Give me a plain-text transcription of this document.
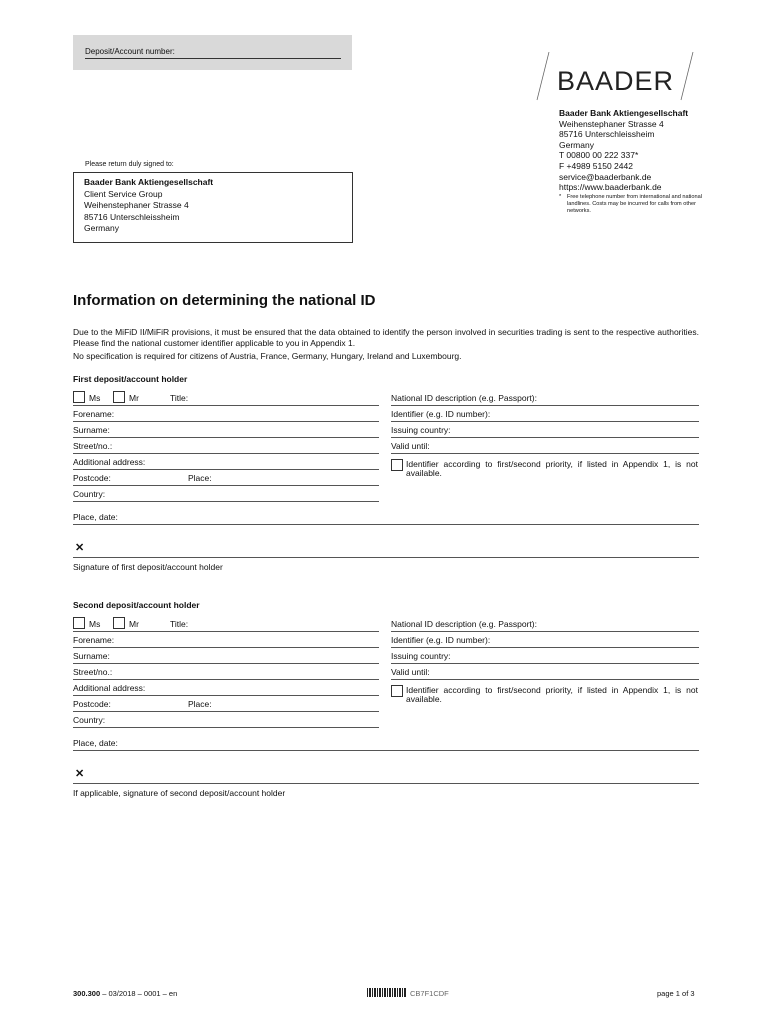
Deposit/Account number:
BAADER
Baader Bank Aktiengesellschaft
Weihenstephaner Strasse 4
85716 Unterschleissheim
Germany
T 00800 00 222 337*
F +4989 5150 2442
service@baaderbank.de
https://www.baaderbank.de
* Free telephone number from international and national landlines. Costs may be incurred for calls from other networks.
Please return duly signed to:
Baader Bank Aktiengesellschaft
Client Service Group
Weihenstephaner Strasse 4
85716 Unterschleissheim
Germany
Information on determining the national ID

Due to the MiFiD II/MiFiR provisions, it must be ensured that the data obtained to identify the person involved in securities trading is sent to the respective authorities. Please find the national customer identifier applicable to you in Appendix 1.

No specification is required for citizens of Austria, France, Germany, Hungary, Ireland and Luxembourg.

First deposit/account holder
Ms	Mr	Title:
Forename:
Surname:
Street/no.:
Additional address:
Postcode:	Place:
Country:
National ID description (e.g. Passport):
Identifier (e.g. ID number):
Issuing country:
Valid until:
Identifier according to first/second priority, if listed in Appendix 1, is not available.
Place, date:
✕
Signature of first deposit/account holder
Second deposit/account holder
Ms	Mr	Title:
Forename:
Surname:
Street/no.:
Additional address:
Postcode:	Place:
Country:
National ID description (e.g. Passport):
Identifier (e.g. ID number):
Issuing country:
Valid until:
Identifier according to first/second priority, if listed in Appendix 1, is not available.
Place, date:
✕
If applicable, signature of second deposit/account holder
300.300 – 03/2018 – 0001 – en	CB7F1CDF	page 1 of 3
